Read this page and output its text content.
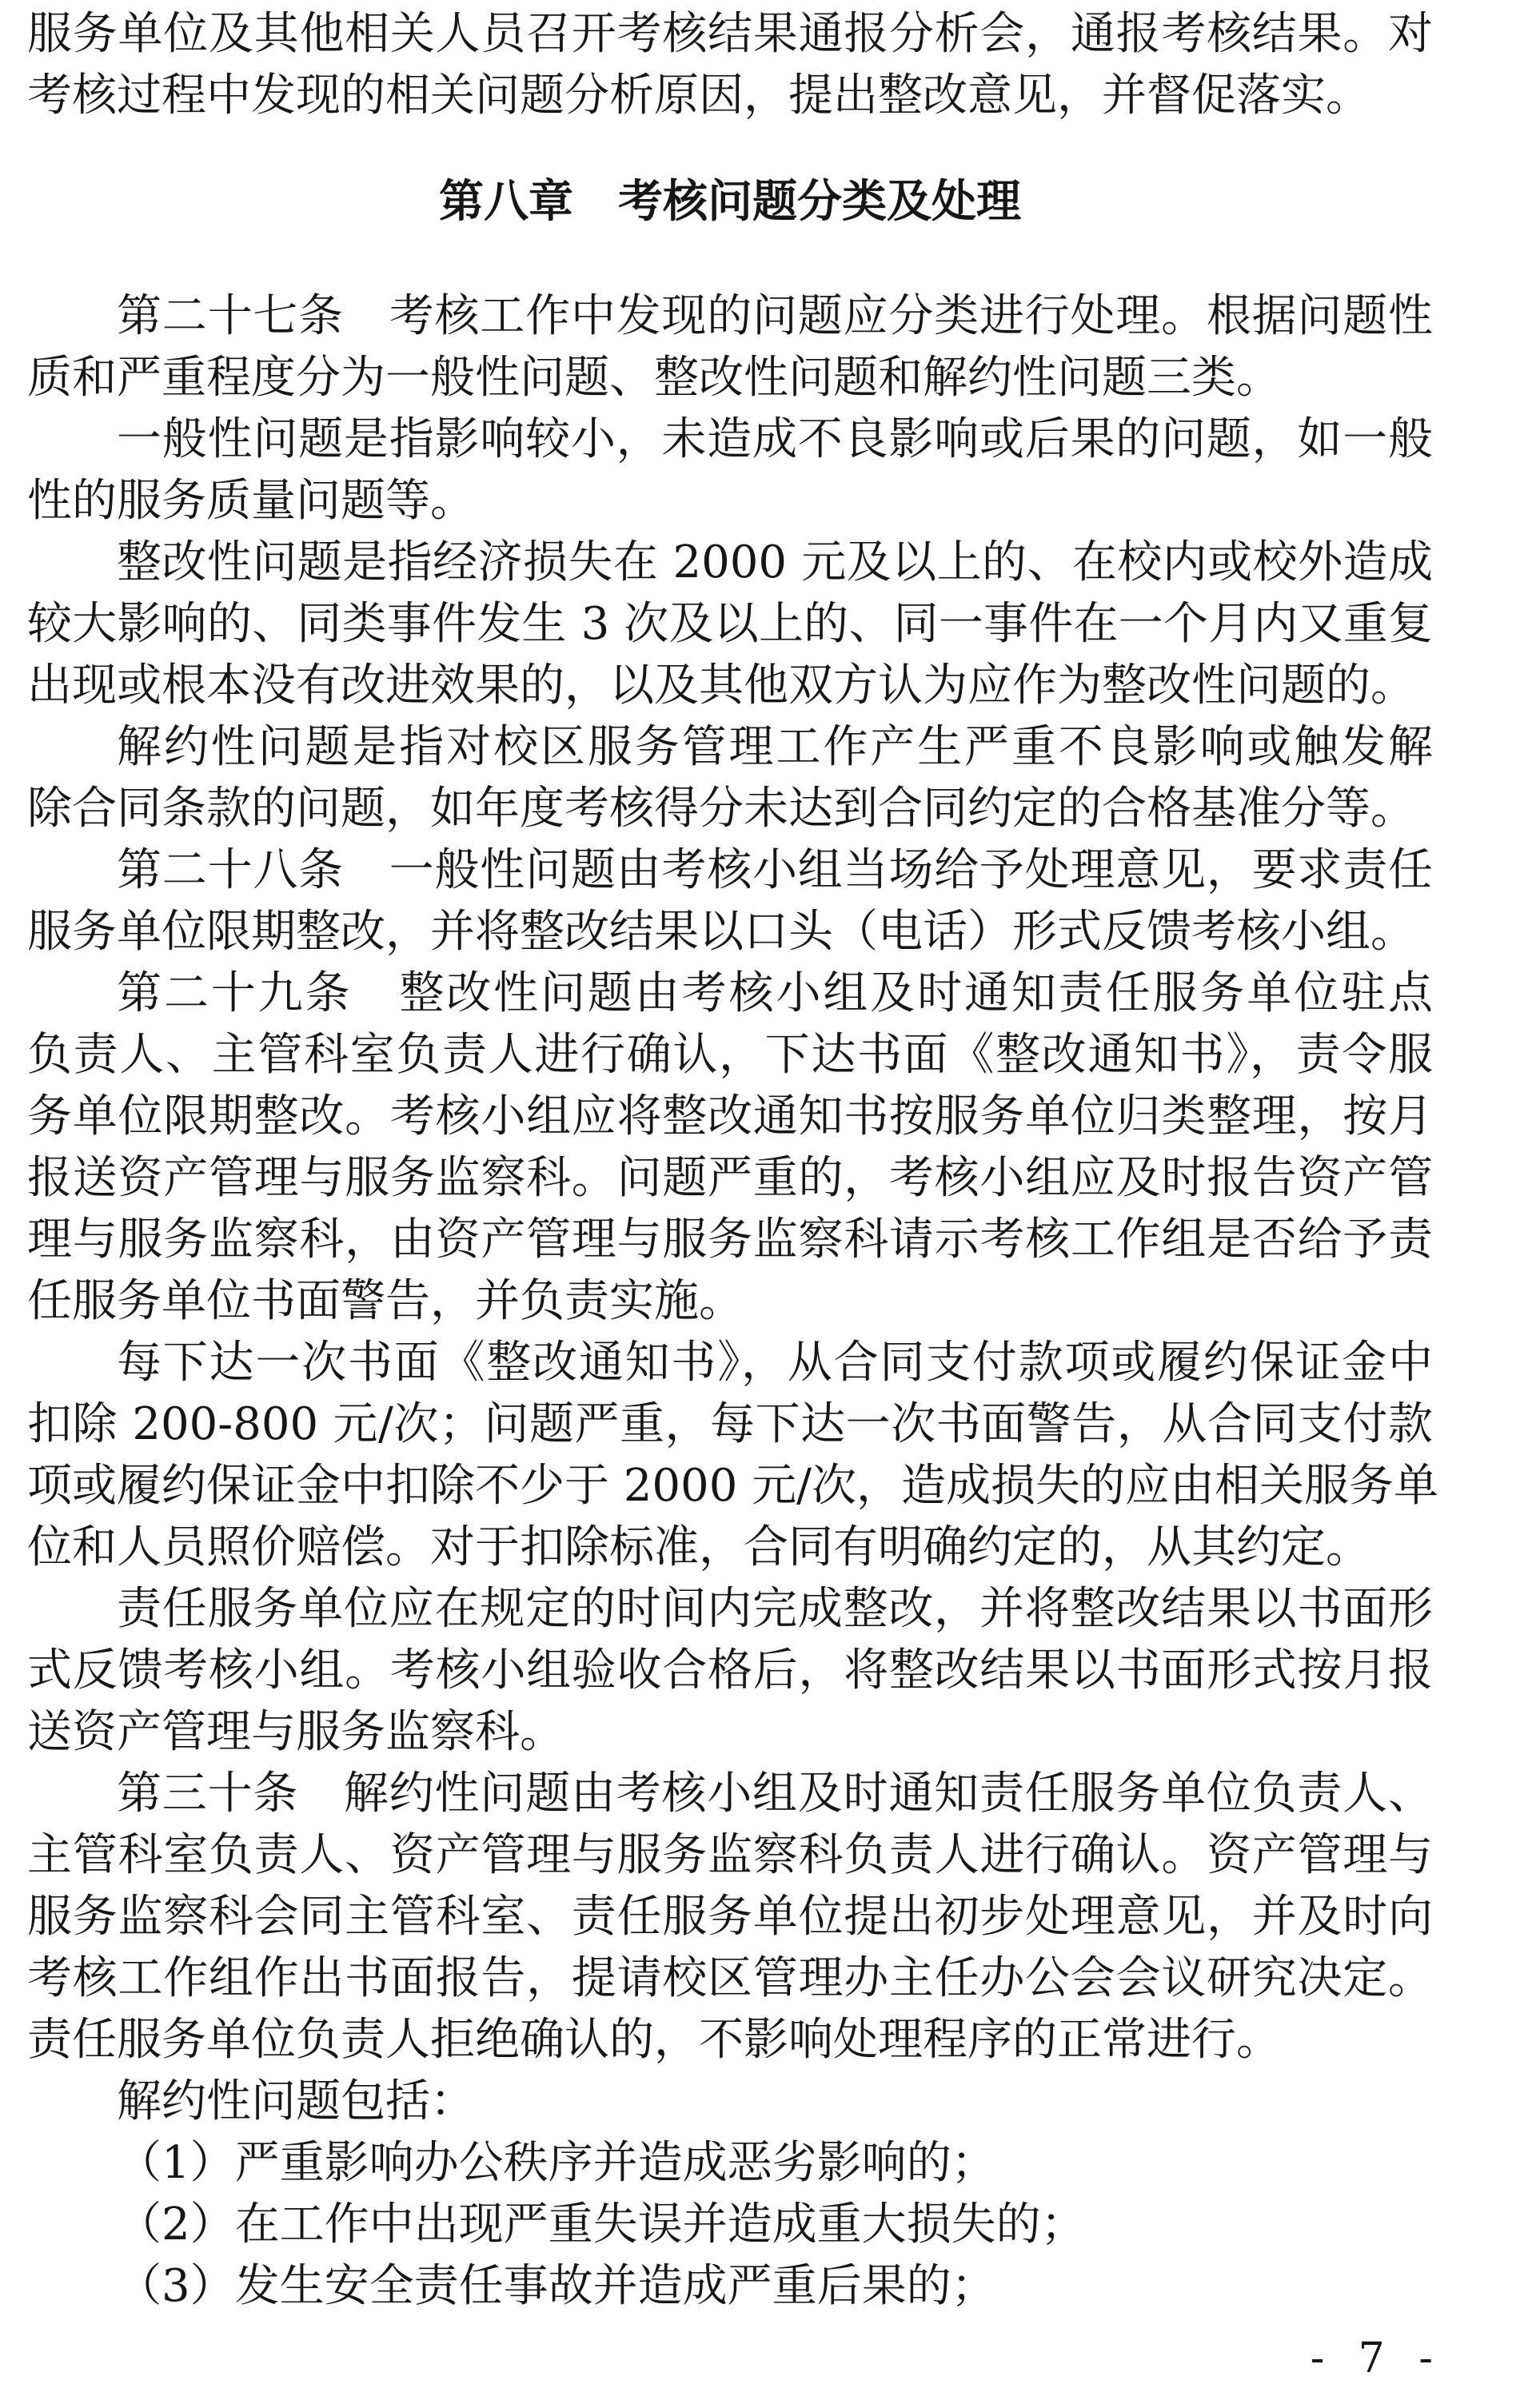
服务单位及其他相关人员召开考核结果通报分析会，通报考核结果。对
考核过程中发现的相关问题分析原因，提出整改意见，并督促落实。
第八章　考核问题分类及处理
第二十七条　考核工作中发现的问题应分类进行处理。根据问题性
质和严重程度分为一般性问题、整改性问题和解约性问题三类。
一般性问题是指影响较小，未造成不良影响或后果的问题，如一般
性的服务质量问题等。
整改性问题是指经济损失在 2000 元及以上的、在校内或校外造成
较大影响的、同类事件发生 3 次及以上的、同一事件在一个月内又重复
出现或根本没有改进效果的，以及其他双方认为应作为整改性问题的。
解约性问题是指对校区服务管理工作产生严重不良影响或触发解
除合同条款的问题，如年度考核得分未达到合同约定的合格基准分等。
第二十八条　一般性问题由考核小组当场给予处理意见，要求责任
服务单位限期整改，并将整改结果以口头（电话）形式反馈考核小组。
第二十九条　整改性问题由考核小组及时通知责任服务单位驻点
负责人、主管科室负责人进行确认，下达书面《整改通知书》，责令服
务单位限期整改。考核小组应将整改通知书按服务单位归类整理，按月
报送资产管理与服务监察科。问题严重的，考核小组应及时报告资产管
理与服务监察科，由资产管理与服务监察科请示考核工作组是否给予责
任服务单位书面警告，并负责实施。
每下达一次书面《整改通知书》，从合同支付款项或履约保证金中
扣除 200-800 元/次；问题严重，每下达一次书面警告，从合同支付款
项或履约保证金中扣除不少于 2000 元/次，造成损失的应由相关服务单
位和人员照价赔偿。对于扣除标准，合同有明确约定的，从其约定。
责任服务单位应在规定的时间内完成整改，并将整改结果以书面形
式反馈考核小组。考核小组验收合格后，将整改结果以书面形式按月报
送资产管理与服务监察科。
第三十条　解约性问题由考核小组及时通知责任服务单位负责人、
主管科室负责人、资产管理与服务监察科负责人进行确认。资产管理与
服务监察科会同主管科室、责任服务单位提出初步处理意见，并及时向
考核工作组作出书面报告，提请校区管理办主任办公会会议研究决定。
责任服务单位负责人拒绝确认的，不影响处理程序的正常进行。
解约性问题包括：
（1）严重影响办公秩序并造成恶劣影响的；
（2）在工作中出现严重失误并造成重大损失的；
（3）发生安全责任事故并造成严重后果的；
- 7 -
